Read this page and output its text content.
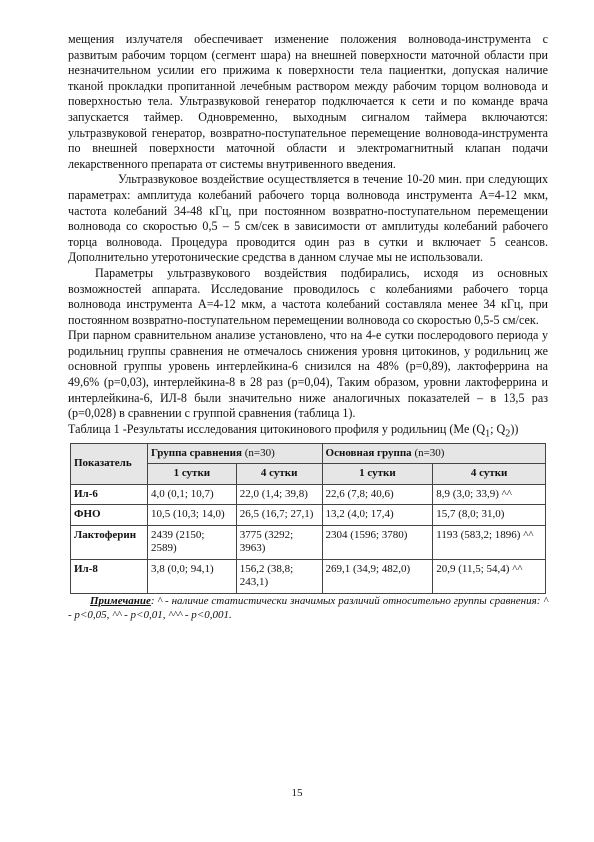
мещения излучателя обеспечивает изменение положения волновода-инструмента с развитым рабочим торцом (сегмент шара) на внешней поверхности маточной области при незначительном усилии его прижима к поверхности тела пациентки, допуская наличие тканой прокладки пропитанной лечебным раствором между рабочим торцом волновода и поверхностью тела. Ультразвуковой генератор подключается к сети и по команде врача запускается таймер. Одновременно, выходным сигналом таймера включаются: ультразвуковой генератор, возвратно-поступательное перемещение волновода-инструмента по внешней поверхности маточной области и электромагнитный клапан подачи лекарственного препарата от системы внутривенного введения.

Ультразвуковое воздействие осуществляется в течение 10-20 мин. при следующих параметрах: амплитуда колебаний рабочего торца волновода инструмента А=4-12 мкм, частота колебаний 34-48 кГц, при постоянном возвратно-поступательном перемещении волновода со скоростью 0,5 – 5 см/сек в зависимости от амплитуды колебаний рабочего торца волновода. Процедура проводится один раз в сутки и включает 5 сеансов. Дополнительно утеротонические средства в данном случае мы не использовали.

Параметры ультразвукового воздействия подбирались, исходя из основных возможностей аппарата. Исследование проводилось с колебаниями рабочего торца волновода инструмента А=4-12 мкм, а частота колебаний составляла менее 34 кГц, при постоянном возвратно-поступательном перемещении волновода со скоростью 0,5-5 см/сек.

При парном сравнительном анализе установлено, что на 4-е сутки послеродового периода у родильниц группы сравнения не отмечалось снижения уровня цитокинов, у родильниц же основной группы уровень интерлейкина-6 снизился на 48% (p=0,89), лактоферрина на 49,6% (p=0,03), интерлейкина-8 в 28 раз (p=0,04), Таким образом, уровни лактоферрина и интерлейкина-6, ИЛ-8 были значительно ниже аналогичных показателей – в 13,5 раз (p=0,028) в сравнении с группой сравнения (таблица 1).

Таблица 1 -Результаты исследования цитокинового профиля у родильниц (Ме ($Q_1$; $Q_2$))

Показатель	Группа сравнения (n=30)		Основная группа (n=30)	
	1 сутки	4 сутки	1 сутки	4 сутки
Ил-6	4,0 (0,1; 10,7)	22,0 (1,4; 39,8)	22,6 (7,8; 40,6)	8,9 (3,0; 33,9) ^^
ФНО	10,5 (10,3; 14,0)	26,5 (16,7; 27,1)	13,2 (4,0; 17,4)	15,7 (8,0; 31,0)
Лактоферин	2439 (2150; 2589)	3775 (3292; 3963)	2304 (1596; 3780)	1193 (583,2; 1896) ^^
Ил-8	3,8 (0,0; 94,1)	156,2 (38,8; 243,1)	269,1 (34,9; 482,0)	20,9 (11,5; 54,4) ^^

Примечание: ^ - наличие статистически значимых различий относительно группы сравнения: ^ - р<0,05, ^^ - р<0,01, ^^^ - р<0,001.

15
